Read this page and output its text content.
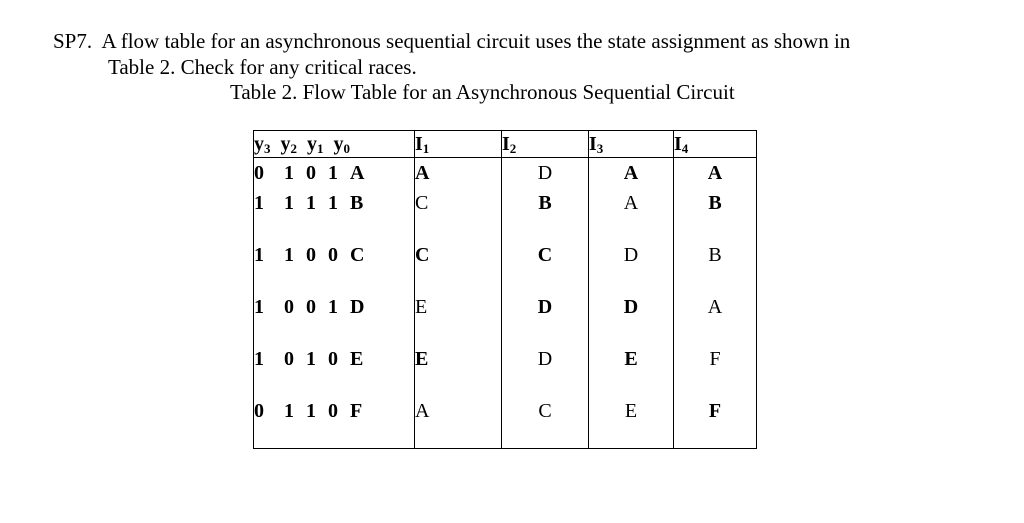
SP7. A flow table for an asynchronous sequential circuit uses the state assignment as shown in
Table 2. Check for any critical races.
Table 2. Flow Table for an Asynchronous Sequential Circuit
$y_3$ $y_2$ $y_1$ $y_0$	$I_1$	$I_2$	$I_3$	$I_4$
0 1 0 1 A	A	D	A	A
1 1 1 1 B	C	B	A	B
1 1 0 0 C	C	C	D	B
1 0 0 1 D	E	D	D	A
1 0 1 0 E	E	D	E	F
0 1 1 0 F	A	C	E	F
